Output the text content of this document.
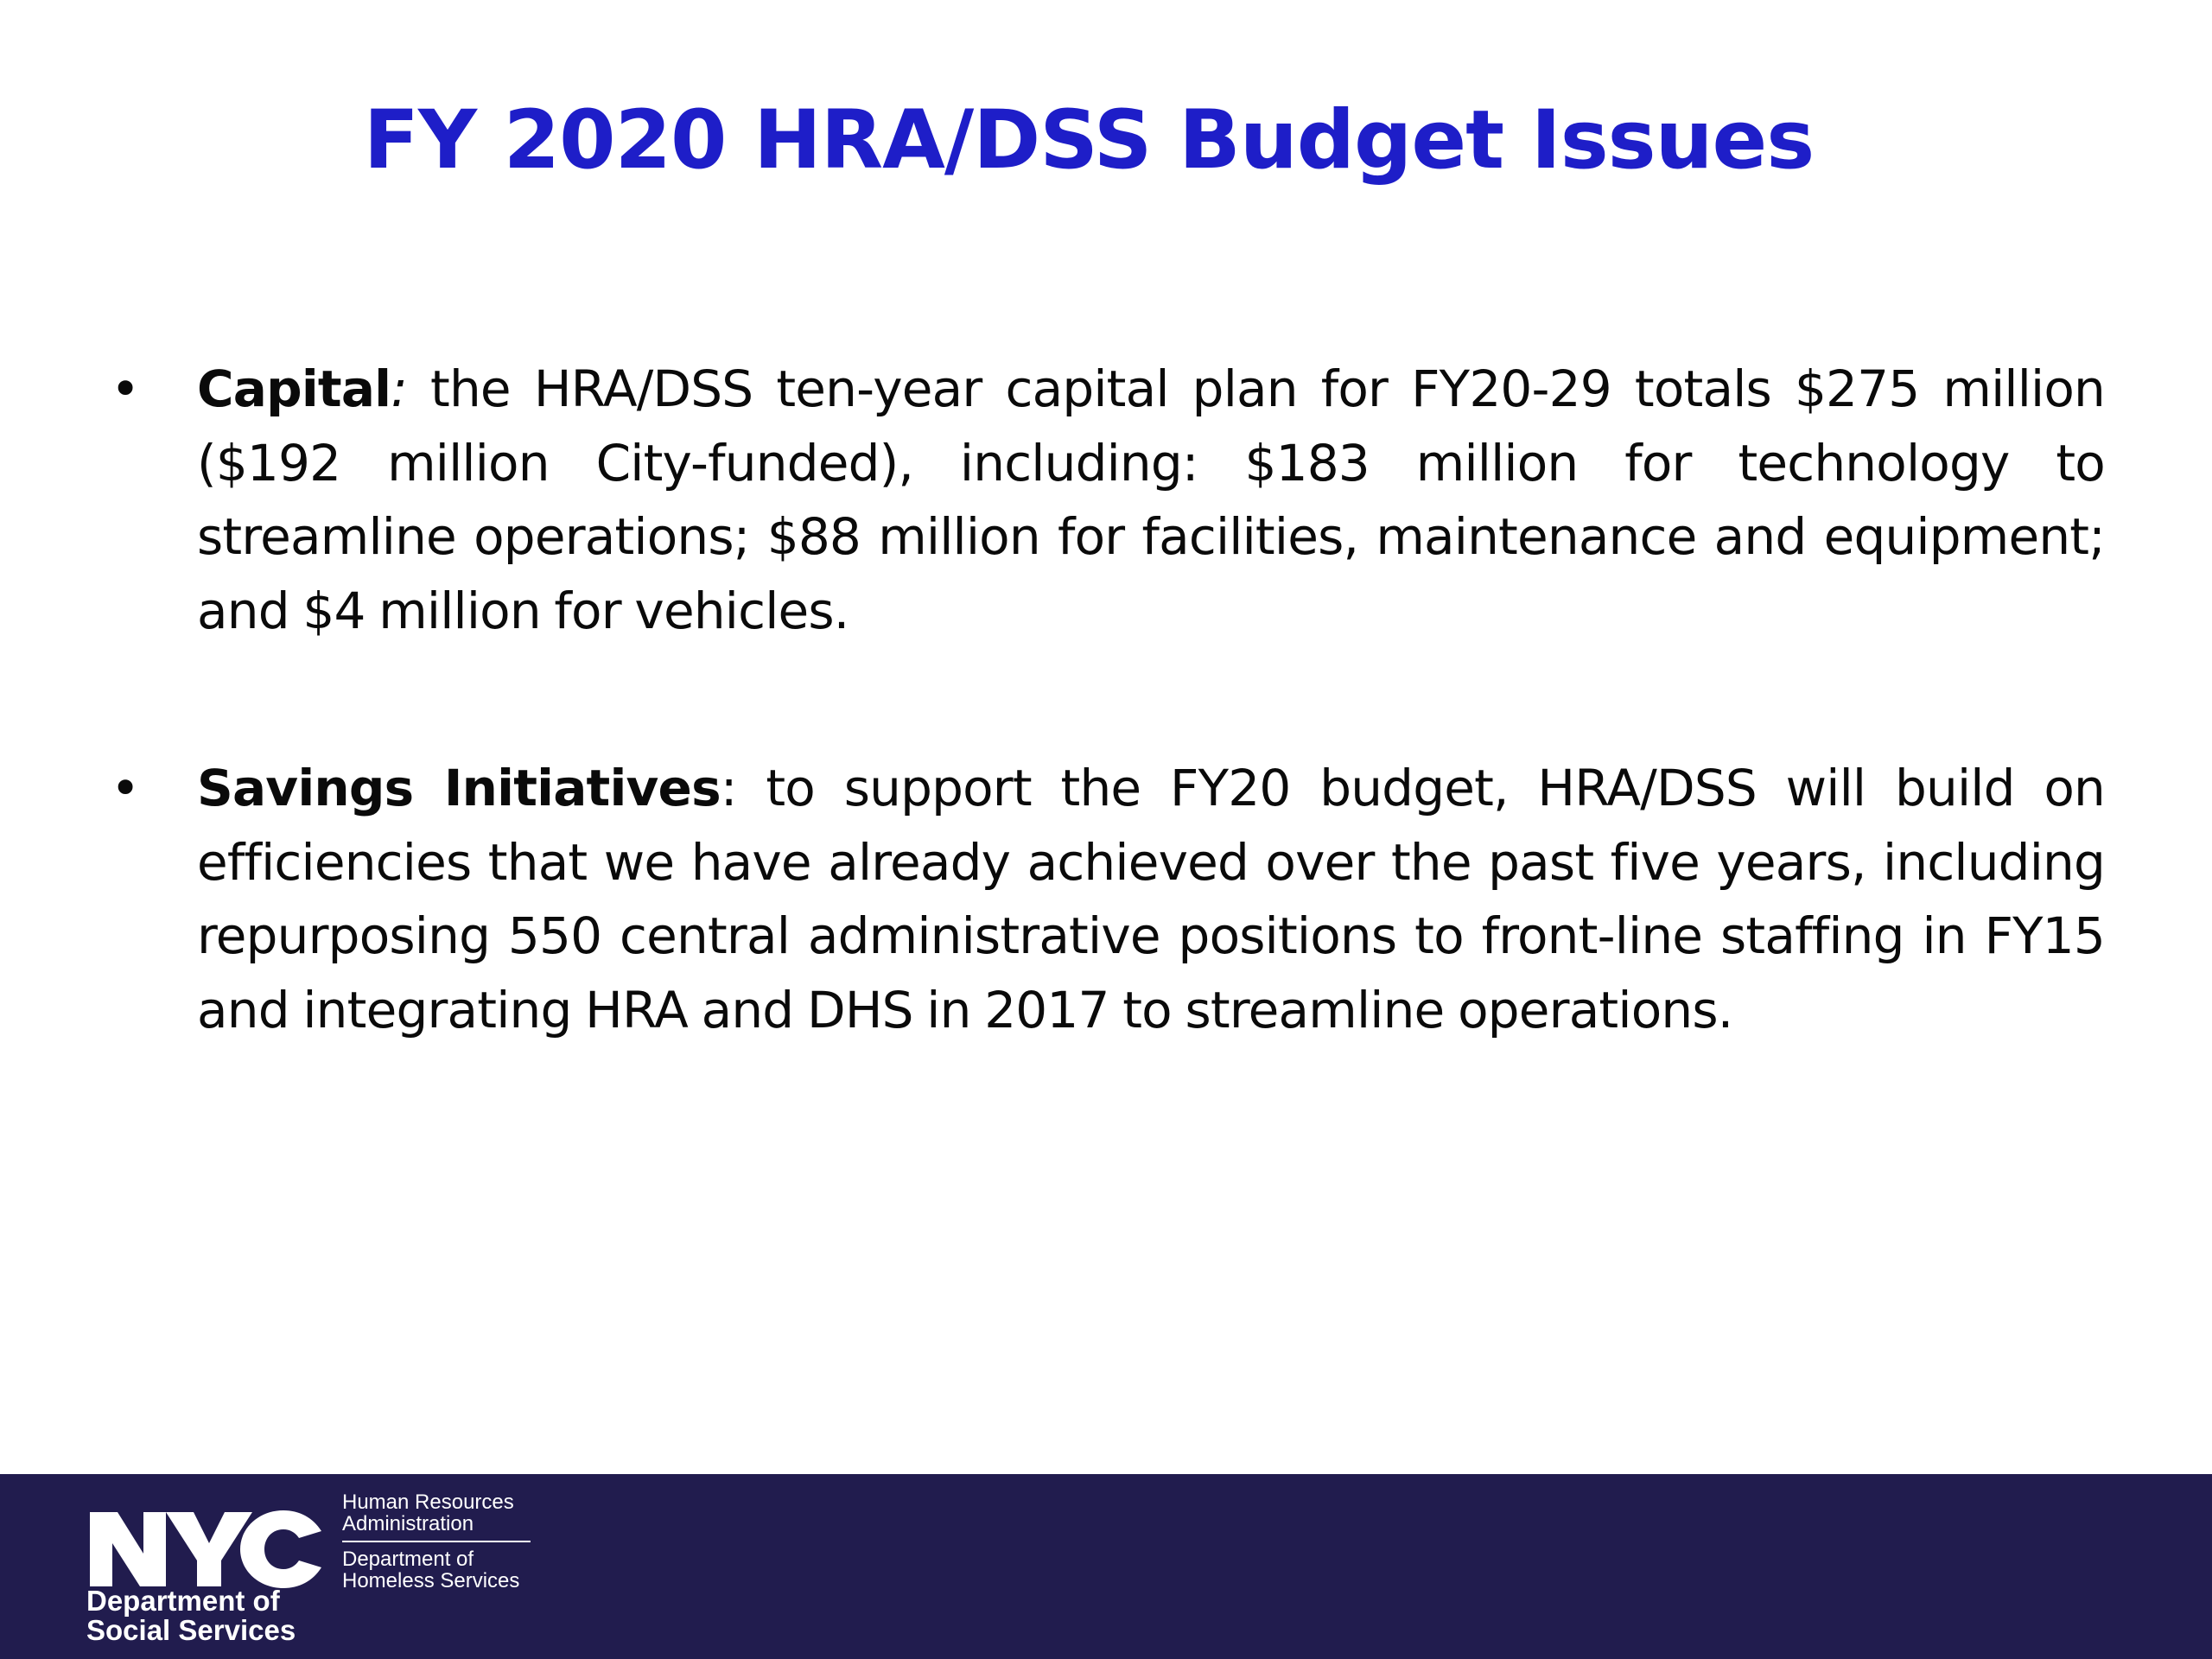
FY 2020 HRA/DSS Budget Issues
• Capital: the HRA/DSS ten-year capital plan for FY20-29 totals $275 million ($192 million City-funded), including: $183 million for technology to streamline operations; $88 million for facilities, maintenance and equipment; and $4 million for vehicles.
• Savings Initiatives: to support the FY20 budget, HRA/DSS will build on efficiencies that we have already achieved over the past five years, including repurposing 550 central administrative positions to front-line staffing in FY15 and integrating HRA and DHS in 2017 to streamline operations.

Department of
Social Services

Human Resources
Administration
Department of
Homeless Services
